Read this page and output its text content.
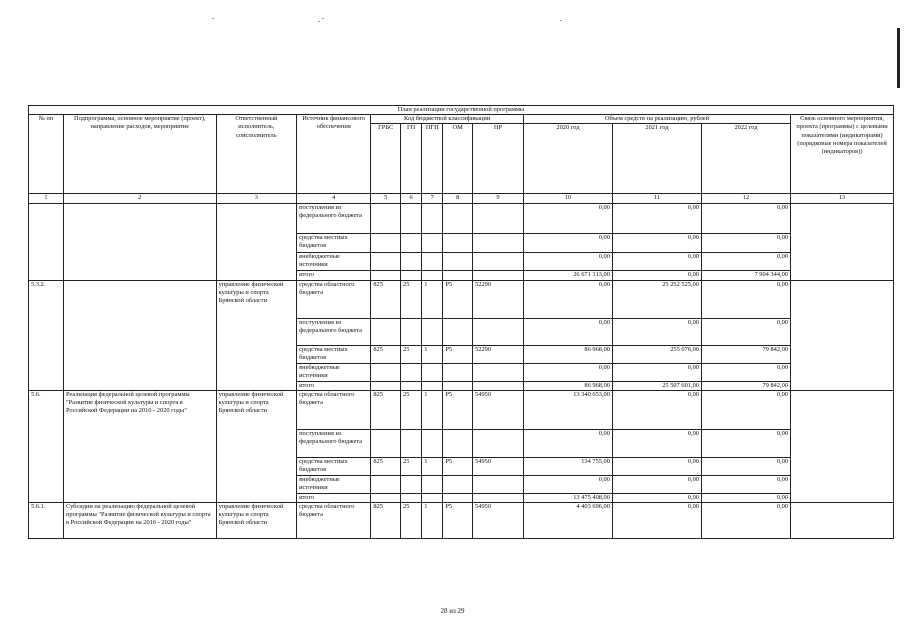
План реализации государственной программы												
№ пп	Подпрограмма, основное мероприятие (проект), направление расходов, мероприятие	Ответственный исполнитель, соисполнитель	Источник финансового обеспечения	Код бюджетной классификации					Объем средств на реализацию, рублей			Связь основного мероприятия, проекта (программы) с целевыми показателями (индикаторами) (порядковые номера показателей (индикаторов))
				ГРБС	ГП	ПГП	ОМ	НР	2020 год	2021 год	2022 год	
1	2	3	4	5	6	7	8	9	10	11	12	13
			поступления из федерального бюджета						0,00	0,00	0,00	
			средства местных бюджетов						0,00	0,00	0,00	
			внебюджетные источники						0,00	0,00	0,00	
			итого						26 671 313,00	0,00	7 904 344,00	
5.3.2.		управление физической культуры и спорта Брянской области	средства областного бюджета	825	25	1	Р5	52290	0,00	25 252 525,00	0,00	
			поступления из федерального бюджета						0,00	0,00	0,00	
			средства местных бюджетов	825	25	1	Р5	52290	86 968,00	255 076,00	79 842,00	
			внебюджетные источники						0,00	0,00	0,00	
			итого						86 968,00	25 507 601,00	79 842,00	
5.6.	Реализация федеральной целевой программы "Развитие физической культуры и спорта в Российской Федерации на 2016 - 2020 годы"	управление физической культуры и спорта Брянской области	средства областного бюджета	825	25	1	Р5	54950	13 340 653,00	0,00	0,00	
			поступления из федерального бюджета						0,00	0,00	0,00	
			средства местных бюджетов	825	25	1	Р5	54950	134 755,00	0,00	0,00	
			внебюджетные источники						0,00	0,00	0,00	
			итого						13 475 408,00	0,00	0,00	
5.6.1.	Субсидии на реализацию федеральной целевой программы "Развитие физической культуры и спорта в Российской Федерации на 2016 - 2020 годы"	управление физической культуры и спорта Брянской области	средства областного бюджета	825	25	1	Р5	54950	4 403 696,00	0,00	0,00	
28 из 29
